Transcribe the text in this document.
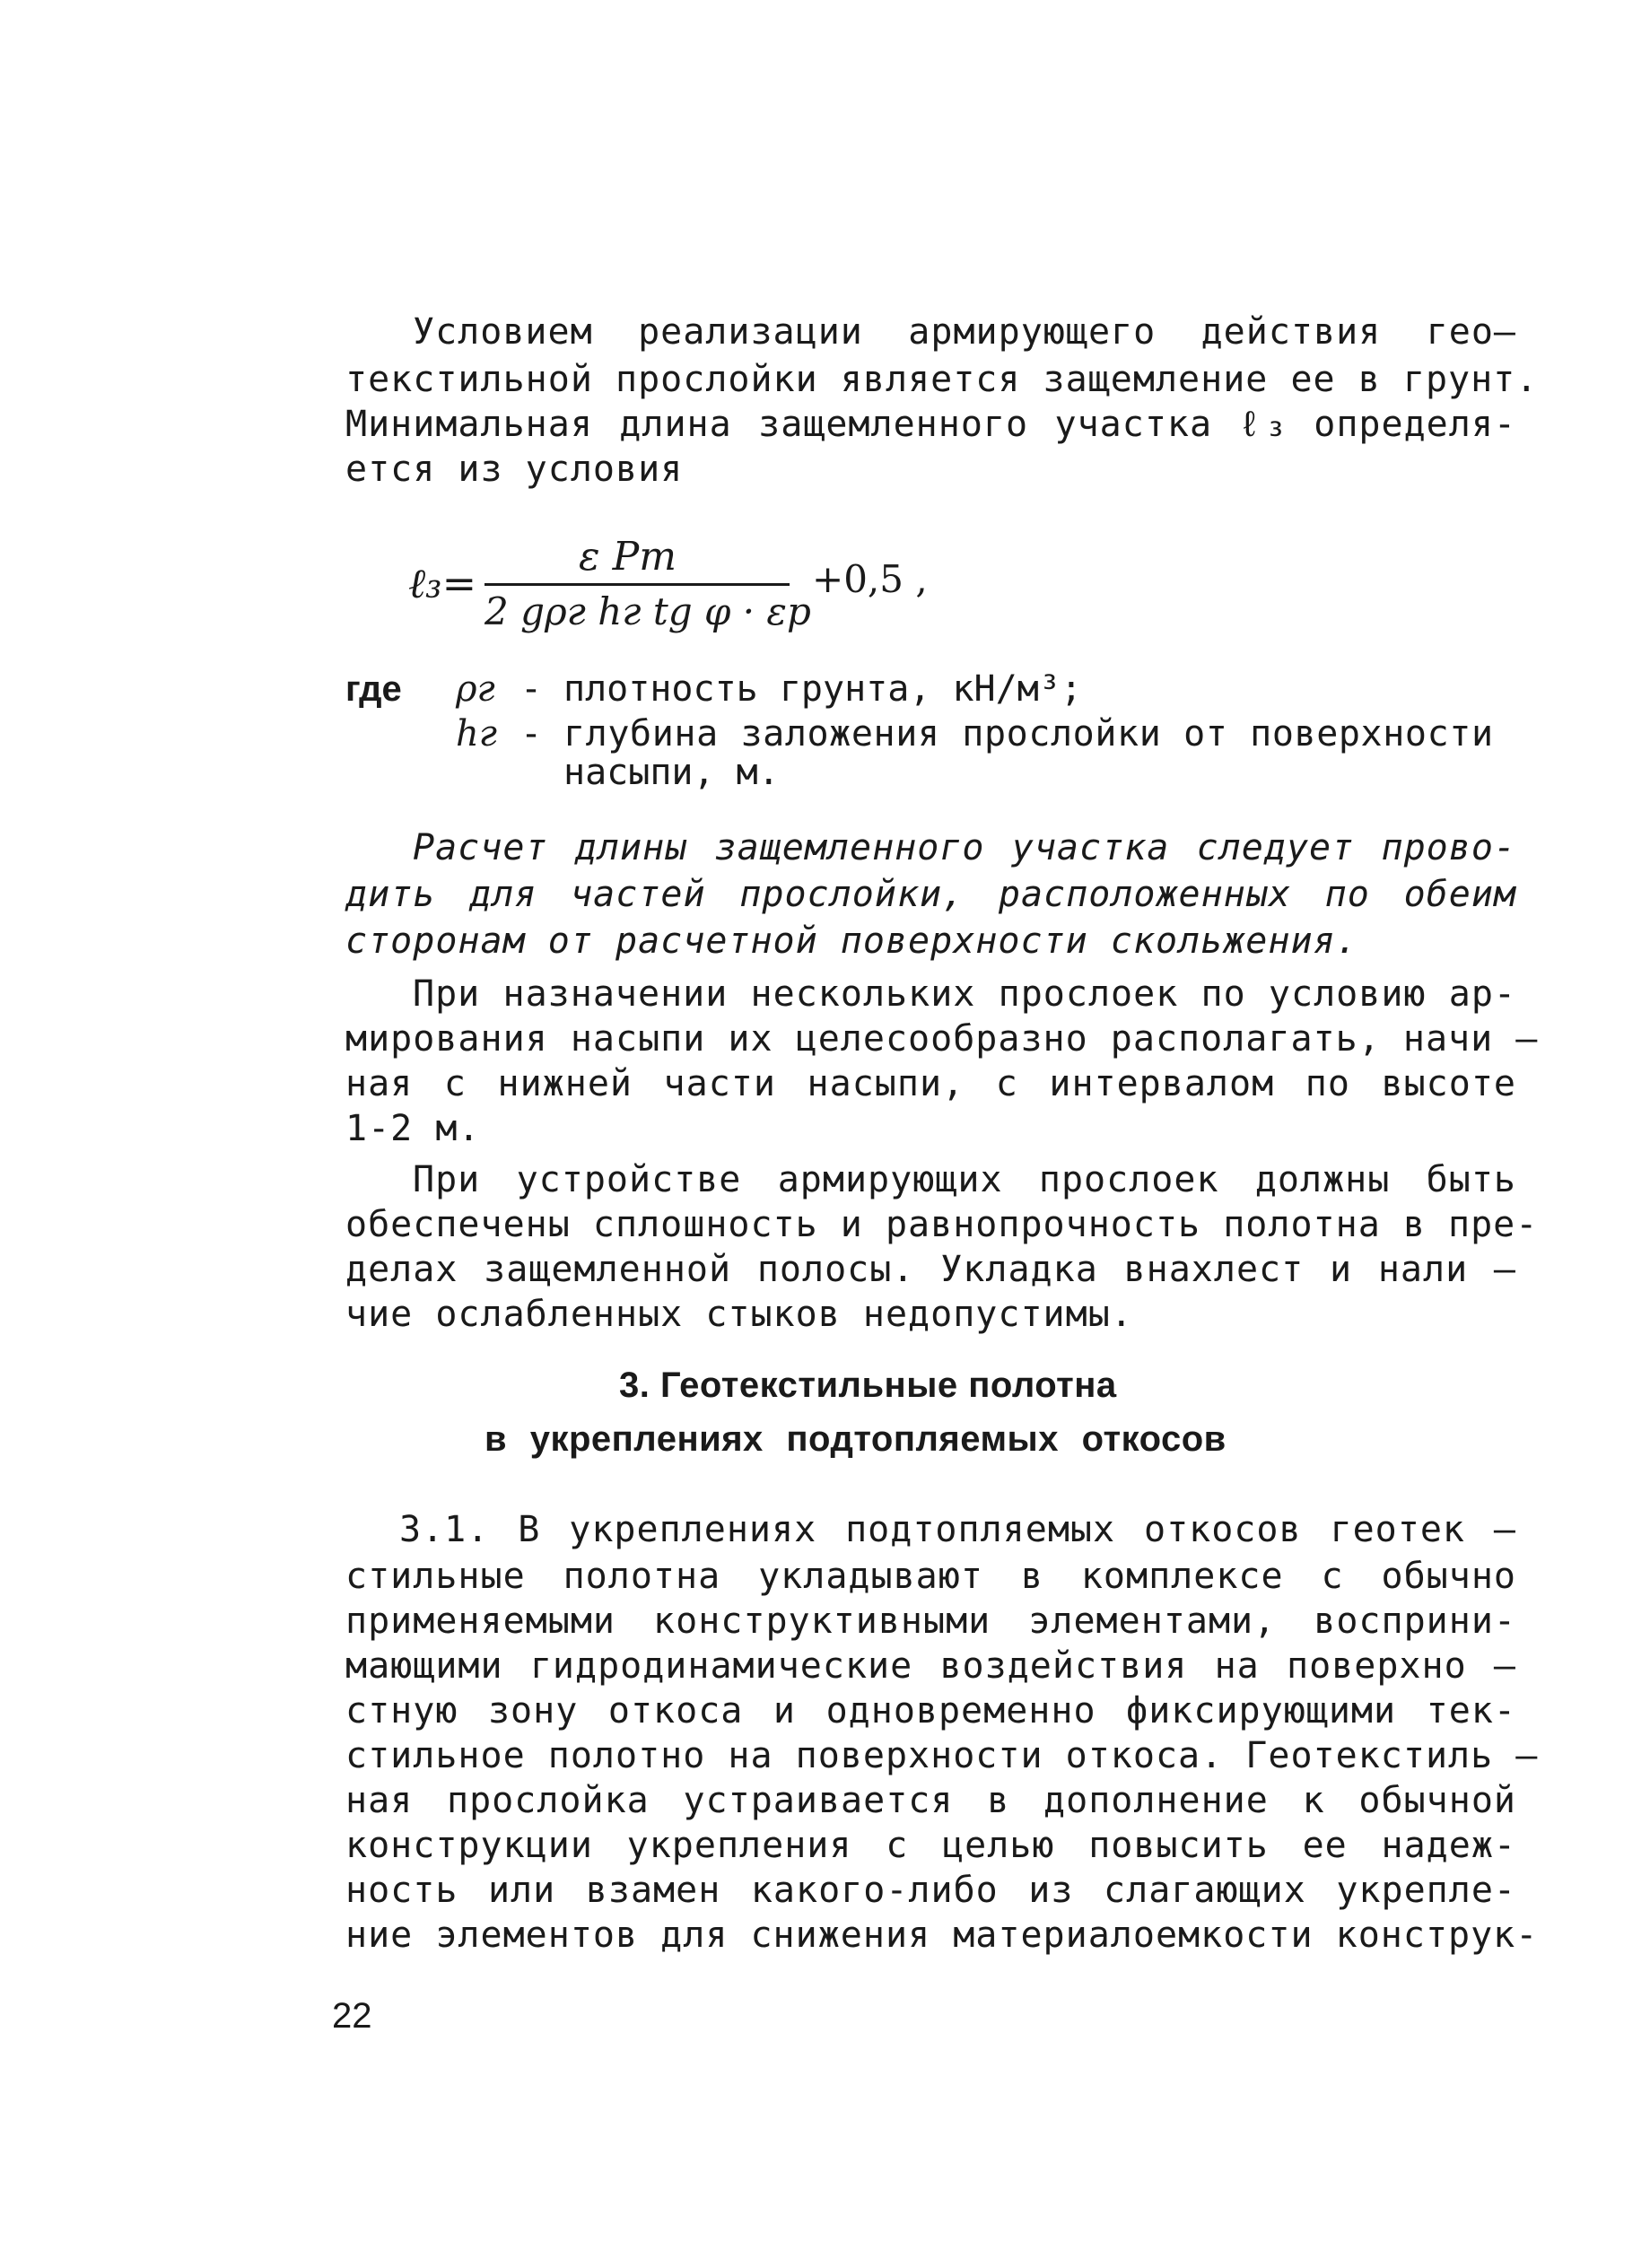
Условием реализации армирующего действия гео–
текстильной прослойки является защемление ее в грунт.
Минимальная длина защемленного участка ℓ₃ определя-
ется из условия
ℓ₃=
ε Pт
2 gρг hг tg φ · εp
+0,5 ,
где ρг - плотность грунта, кН/м³;
hг - глубина заложения прослойки от поверхности
насыпи, м.
Расчет длины защемленного участка следует прово-
дить для частей прослойки, расположенных по обеим
сторонам от расчетной поверхности скольжения.
При назначении нескольких прослоек по условию ар-
мирования насыпи их целесообразно располагать, начи –
ная с нижней части насыпи, с интервалом по высоте
1-2 м.
При устройстве армирующих прослоек должны быть
обеспечены сплошность и равнопрочность полотна в пре-
делах защемленной полосы. Укладка внахлест и нали –
чие ослабленных стыков недопустимы.
3. Геотекстильные полотна
в укреплениях подтопляемых откосов
3.1. В укреплениях подтопляемых откосов геотек –
стильные полотна укладывают в комплексе с обычно
применяемыми конструктивными элементами, восприни-
мающими гидродинамические воздействия на поверхно –
стную зону откоса и одновременно фиксирующими тек-
стильное полотно на поверхности откоса. Геотекстиль –
ная прослойка устраивается в дополнение к обычной
конструкции укрепления с целью повысить ее надеж-
ность или взамен какого-либо из слагающих укрепле-
ние элементов для снижения материалоемкости конструк-
22
